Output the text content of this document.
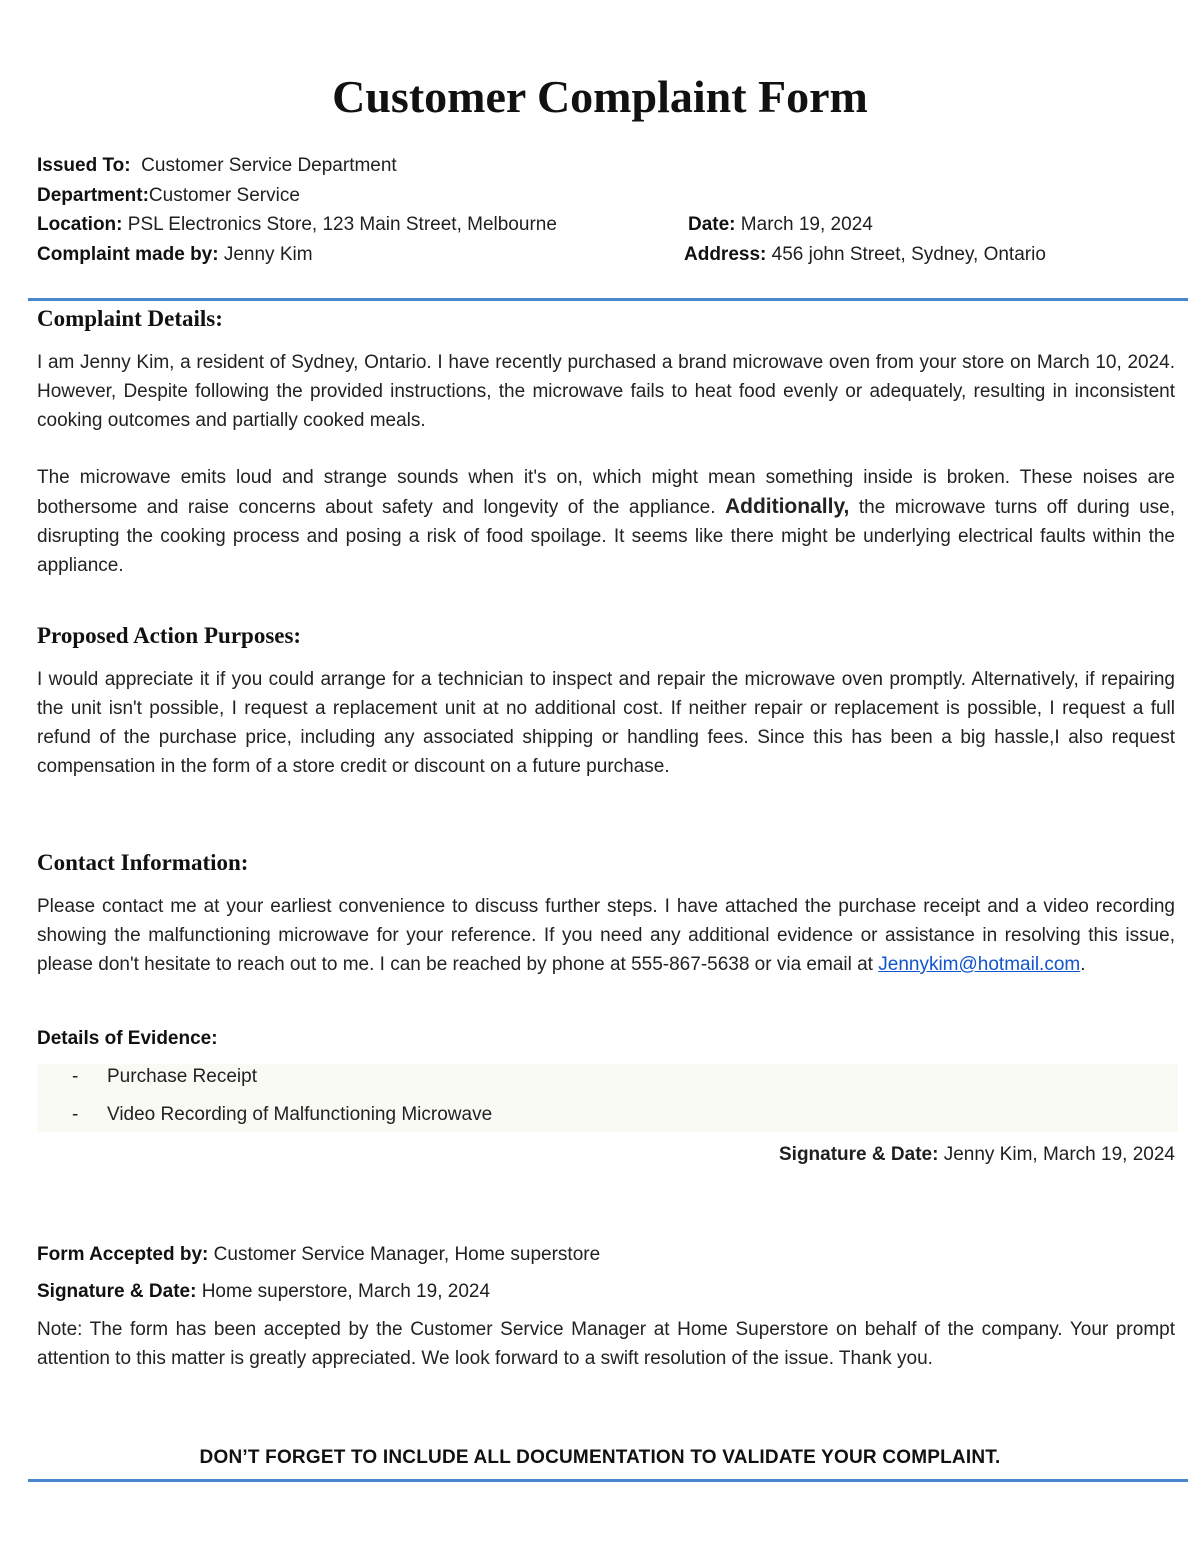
Customer Complaint Form
Issued To: Customer Service Department
Department:Customer Service
Location: PSL Electronics Store, 123 Main Street, Melbourne	Date: March 19, 2024
Complaint made by: Jenny Kim	Address: 456 john Street, Sydney, Ontario
Complaint Details:

I am Jenny Kim, a resident of Sydney, Ontario. I have recently purchased a brand microwave oven from your store on March 10, 2024. However, Despite following the provided instructions, the microwave fails to heat food evenly or adequately, resulting in inconsistent cooking outcomes and partially cooked meals.

The microwave emits loud and strange sounds when it's on, which might mean something inside is broken. These noises are bothersome and raise concerns about safety and longevity of the appliance. Additionally, the microwave turns off during use, disrupting the cooking process and posing a risk of food spoilage. It seems like there might be underlying electrical faults within the appliance.

Proposed Action Purposes:

I would appreciate it if you could arrange for a technician to inspect and repair the microwave oven promptly. Alternatively, if repairing the unit isn't possible, I request a replacement unit at no additional cost. If neither repair or replacement is possible, I request a full refund of the purchase price, including any associated shipping or handling fees. Since this has been a big hassle,I also request compensation in the form of a store credit or discount on a future purchase.

Contact Information:

Please contact me at your earliest convenience to discuss further steps. I have attached the purchase receipt and a video recording showing the malfunctioning microwave for your reference. If you need any additional evidence or assistance in resolving this issue, please don't hesitate to reach out to me. I can be reached by phone at 555-867-5638 or via email at Jennykim@hotmail.com.

Details of Evidence:
- Purchase Receipt
- Video Recording of Malfunctioning Microwave
Signature & Date: Jenny Kim, March 19, 2024
Form Accepted by: Customer Service Manager, Home superstore
Signature & Date: Home superstore, March 19, 2024

Note: The form has been accepted by the Customer Service Manager at Home Superstore on behalf of the company. Your prompt attention to this matter is greatly appreciated. We look forward to a swift resolution of the issue. Thank you.

DON’T FORGET TO INCLUDE ALL DOCUMENTATION TO VALIDATE YOUR COMPLAINT.
